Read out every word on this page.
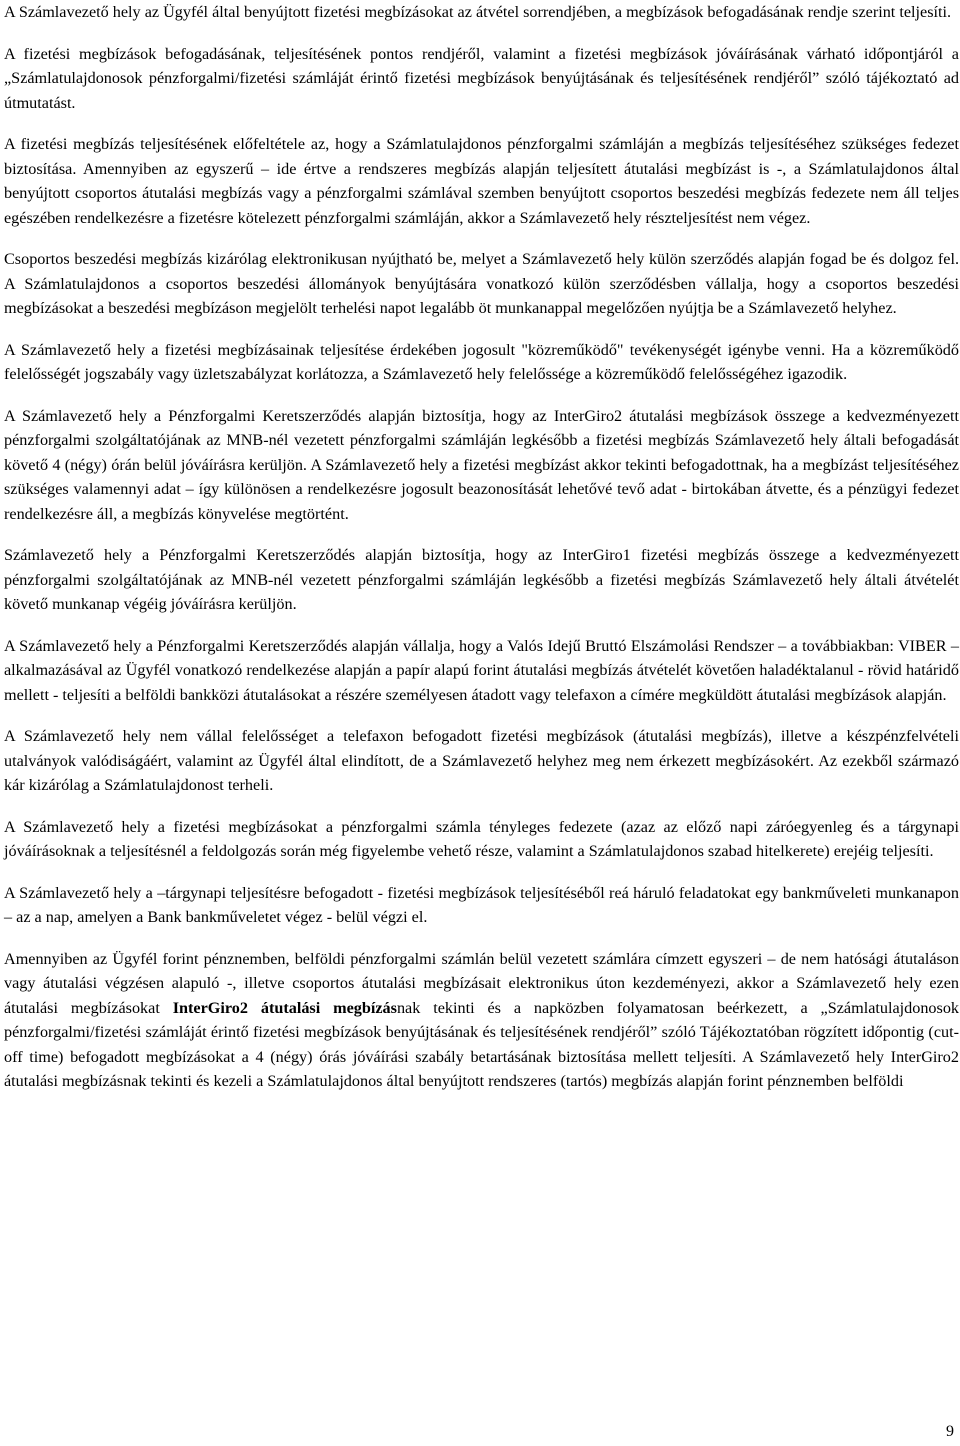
A Számlavezető hely az Ügyfél által benyújtott fizetési megbízásokat az átvétel sorrendjében, a megbízások befogadásának rendje szerint teljesíti.

A fizetési megbízások befogadásának, teljesítésének pontos rendjéről, valamint a fizetési megbízások jóváírásának várható időpontjáról a „Számlatulajdonosok pénzforgalmi/fizetési számláját érintő fizetési megbízások benyújtásának és teljesítésének rendjéről” szóló tájékoztató ad útmutatást.

A fizetési megbízás teljesítésének előfeltétele az, hogy a Számlatulajdonos pénzforgalmi számláján a megbízás teljesítéséhez szükséges fedezet biztosítása. Amennyiben az egyszerű – ide értve a rendszeres megbízás alapján teljesített átutalási megbízást is -, a Számlatulajdonos által benyújtott csoportos átutalási megbízás vagy a pénzforgalmi számlával szemben benyújtott csoportos beszedési megbízás fedezete nem áll teljes egészében rendelkezésre a fizetésre kötelezett pénzforgalmi számláján, akkor a Számlavezető hely részteljesítést nem végez.

Csoportos beszedési megbízás kizárólag elektronikusan nyújtható be, melyet a Számlavezető hely külön szerződés alapján fogad be és dolgoz fel. A Számlatulajdonos a csoportos beszedési állományok benyújtására vonatkozó külön szerződésben vállalja, hogy a csoportos beszedési megbízásokat a beszedési megbízáson megjelölt terhelési napot legalább öt munkanappal megelőzően nyújtja be a Számlavezető helyhez.

A Számlavezető hely a fizetési megbízásainak teljesítése érdekében jogosult "közreműködő" tevékenységét igénybe venni. Ha a közreműködő felelősségét jogszabály vagy üzletszabályzat korlátozza, a Számlavezető hely felelőssége a közreműködő felelősségéhez igazodik.

A Számlavezető hely a Pénzforgalmi Keretszerződés alapján biztosítja, hogy az InterGiro2 átutalási megbízások összege a kedvezményezett pénzforgalmi szolgáltatójának az MNB-nél vezetett pénzforgalmi számláján legkésőbb a fizetési megbízás Számlavezető hely általi befogadását követő 4 (négy) órán belül jóváírásra kerüljön. A Számlavezető hely a fizetési megbízást akkor tekinti befogadottnak, ha a megbízást teljesítéséhez szükséges valamennyi adat – így különösen a rendelkezésre jogosult beazonosítását lehetővé tevő adat - birtokában átvette, és a pénzügyi fedezet rendelkezésre áll, a megbízás könyvelése megtörtént.

Számlavezető hely a Pénzforgalmi Keretszerződés alapján biztosítja, hogy az InterGiro1 fizetési megbízás összege a kedvezményezett pénzforgalmi szolgáltatójának az MNB-nél vezetett pénzforgalmi számláján legkésőbb a fizetési megbízás Számlavezető hely általi átvételét követő munkanap végéig jóváírásra kerüljön.

A Számlavezető hely a Pénzforgalmi Keretszerződés alapján vállalja, hogy a Valós Idejű Bruttó Elszámolási Rendszer – a továbbiakban: VIBER – alkalmazásával az Ügyfél vonatkozó rendelkezése alapján a papír alapú forint átutalási megbízás átvételét követően haladéktalanul - rövid határidő mellett - teljesíti a belföldi bankközi átutalásokat a részére személyesen átadott vagy telefaxon a címére megküldött átutalási megbízások alapján.

A Számlavezető hely nem vállal felelősséget a telefaxon befogadott fizetési megbízások (átutalási megbízás), illetve a készpénzfelvételi utalványok valódiságáért, valamint az Ügyfél által elindított, de a Számlavezető helyhez meg nem érkezett megbízásokért. Az ezekből származó kár kizárólag a Számlatulajdonost terheli.

A Számlavezető hely a fizetési megbízásokat a pénzforgalmi számla tényleges fedezete (azaz az előző napi záróegyenleg és a tárgynapi jóváírásoknak a teljesítésnél a feldolgozás során még figyelembe vehető része, valamint a Számlatulajdonos szabad hitelkerete) erejéig teljesíti.

A Számlavezető hely a –tárgynapi teljesítésre befogadott - fizetési megbízások teljesítéséből reá háruló feladatokat egy bankműveleti munkanapon – az a nap, amelyen a Bank bankműveletet végez - belül végzi el.

Amennyiben az Ügyfél forint pénznemben, belföldi pénzforgalmi számlán belül vezetett számlára címzett egyszeri – de nem hatósági átutaláson vagy átutalási végzésen alapuló -, illetve csoportos átutalási megbízásait elektronikus úton kezdeményezi, akkor a Számlavezető hely ezen átutalási megbízásokat InterGiro2 átutalási megbízásnak tekinti és a napközben folyamatosan beérkezett, a „Számlatulajdonosok pénzforgalmi/fizetési számláját érintő fizetési megbízások benyújtásának és teljesítésének rendjéről” szóló Tájékoztatóban rögzített időpontig (cut-off time) befogadott megbízásokat a 4 (négy) órás jóváírási szabály betartásának biztosítása mellett teljesíti. A Számlavezető hely InterGiro2 átutalási megbízásnak tekinti és kezeli a Számlatulajdonos által benyújtott rendszeres (tartós) megbízás alapján forint pénznemben belföldi

9
